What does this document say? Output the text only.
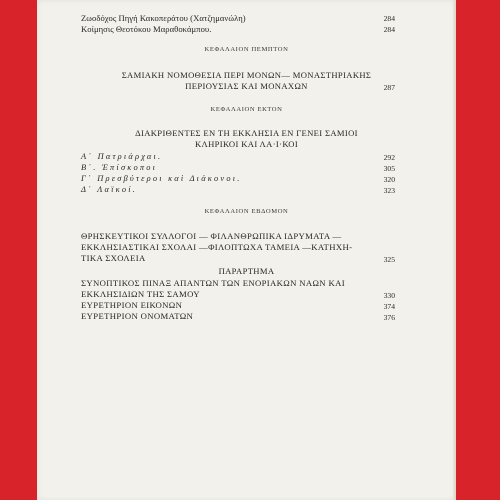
Ζωοδόχος Πηγή Κακοπεράτου (Χατζημανώλη)	284
Κοίμησις Θεοτόκου Μαραθοκάμπου.	284
ΚΕΦΑΛΑΙΟΝ ΠΕΜΠΤΟΝ
ΣΑΜΙΑΚΗ ΝΟΜΟΘΕΣΙΑ ΠΕΡΙ ΜΟΝΩΝ— ΜΟΝΑΣΤΗΡΙΑΚΗΣ
ΠΕΡΙΟΥΣΙΑΣ ΚΑΙ ΜΟΝΑΧΩΝ	287
ΚΕΦΑΛΑΙΟΝ ΕΚΤΟΝ
ΔΙΑΚΡΙΘΕΝΤΕΣ ΕΝ ΤΗ ΕΚΚΛΗΣΙΑ ΕΝ ΓΕΝΕΙ ΣΑΜΙΟΙ
ΚΛΗΡΙΚΟΙ ΚΑΙ ΛΑ·Ι·ΚΟΙ
Α΄ Πατριάρχαι.	292
Β΄. Ἐπίσκοποι	305
Γ΄ Πρεσβύτεροι καὶ Διάκονοι.	320
Δ΄ Λαϊκοί.	323
ΚΕΦΑΛΑΙΟΝ ΕΒΔΟΜΟΝ
ΘΡΗΣΚΕΥΤΙΚΟΙ ΣΥΛΛΟΓΟΙ — ΦΙΛΑΝΘΡΩΠΙΚΑ ΙΔΡΥΜΑΤΑ —
ΕΚΚΛΗΣΙΑΣΤΙΚΑΙ ΣΧΟΛΑΙ —ΦΙΛΟΠΤΩΧΑ ΤΑΜΕΙΑ —ΚΑΤΗΧΗ-
ΤΙΚΑ ΣΧΟΛΕΙΑ	325
ΠΑΡΑΡΤΗΜΑ
ΣΥΝΟΠΤΙΚΟΣ ΠΙΝΑΞ ΑΠΑΝΤΩΝ ΤΩΝ ΕΝΟΡΙΑΚΩΝ ΝΑΩΝ ΚΑΙ
ΕΚΚΛΗΣΙΔΙΩΝ ΤΗΣ ΣΑΜΟΥ	330
ΕΥΡΕΤΗΡΙΟΝ ΕΙΚΟΝΩΝ	374
ΕΥΡΕΤΗΡΙΟΝ ΟΝΟΜΑΤΩΝ	376
